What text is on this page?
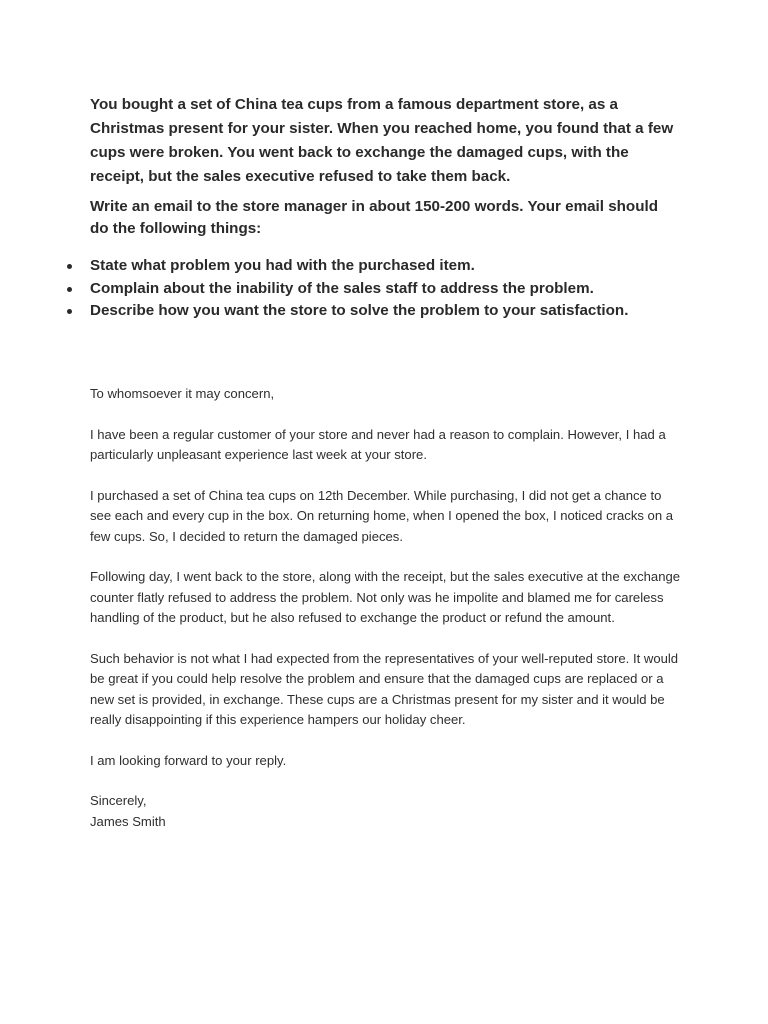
You bought a set of China tea cups from a famous department store, as a Christmas present for your sister. When you reached home, you found that a few cups were broken. You went back to exchange the damaged cups, with the receipt, but the sales executive refused to take them back.

Write an email to the store manager in about 150-200 words. Your email should do the following things:

State what problem you had with the purchased item.
Complain about the inability of the sales staff to address the problem.
Describe how you want the store to solve the problem to your satisfaction.

To whomsoever it may concern,

I have been a regular customer of your store and never had a reason to complain. However, I had a particularly unpleasant experience last week at your store.

I purchased a set of China tea cups on 12th December. While purchasing, I did not get a chance to see each and every cup in the box. On returning home, when I opened the box, I noticed cracks on a few cups. So, I decided to return the damaged pieces.

Following day, I went back to the store, along with the receipt, but the sales executive at the exchange counter flatly refused to address the problem. Not only was he impolite and blamed me for careless handling of the product, but he also refused to exchange the product or refund the amount.

Such behavior is not what I had expected from the representatives of your well-reputed store. It would be great if you could help resolve the problem and ensure that the damaged cups are replaced or a new set is provided, in exchange. These cups are a Christmas present for my sister and it would be really disappointing if this experience hampers our holiday cheer.

I am looking forward to your reply.

Sincerely,
James Smith
